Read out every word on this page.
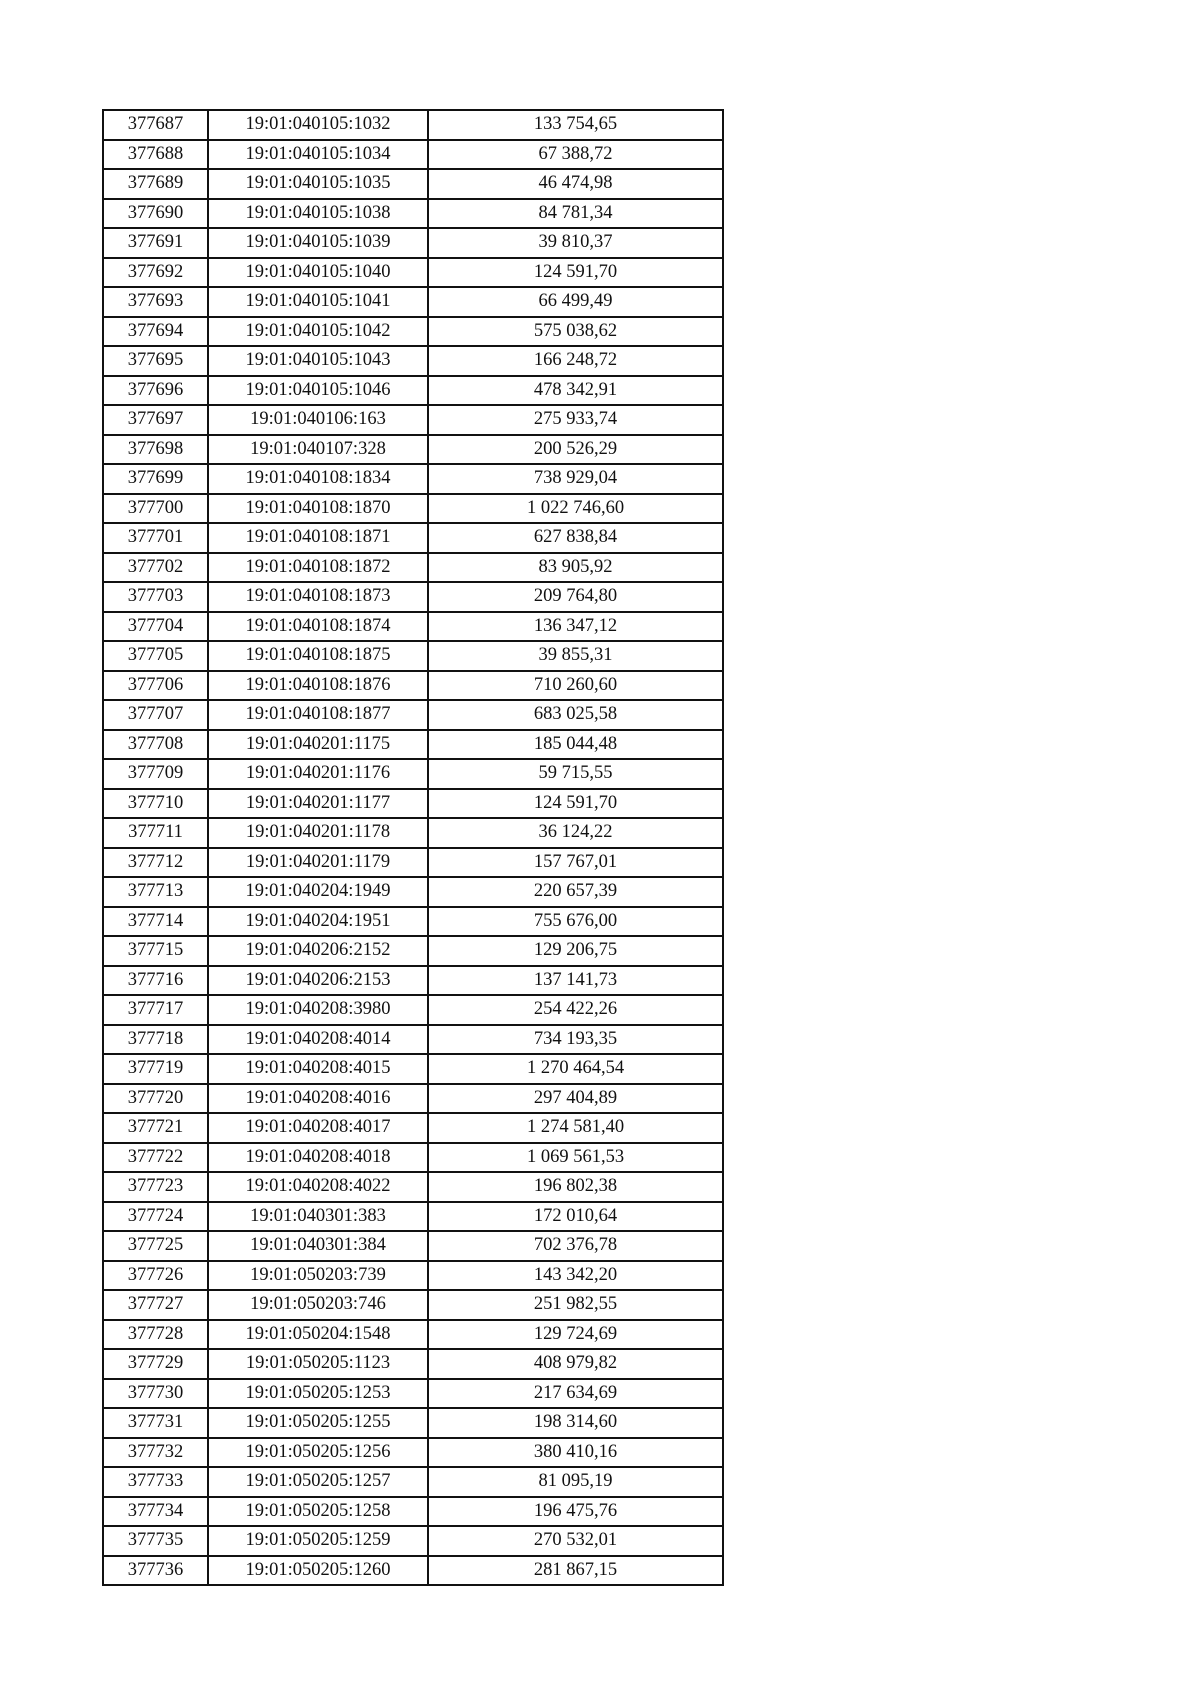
377687	19:01:040105:1032	133 754,65
377688	19:01:040105:1034	67 388,72
377689	19:01:040105:1035	46 474,98
377690	19:01:040105:1038	84 781,34
377691	19:01:040105:1039	39 810,37
377692	19:01:040105:1040	124 591,70
377693	19:01:040105:1041	66 499,49
377694	19:01:040105:1042	575 038,62
377695	19:01:040105:1043	166 248,72
377696	19:01:040105:1046	478 342,91
377697	19:01:040106:163	275 933,74
377698	19:01:040107:328	200 526,29
377699	19:01:040108:1834	738 929,04
377700	19:01:040108:1870	1 022 746,60
377701	19:01:040108:1871	627 838,84
377702	19:01:040108:1872	83 905,92
377703	19:01:040108:1873	209 764,80
377704	19:01:040108:1874	136 347,12
377705	19:01:040108:1875	39 855,31
377706	19:01:040108:1876	710 260,60
377707	19:01:040108:1877	683 025,58
377708	19:01:040201:1175	185 044,48
377709	19:01:040201:1176	59 715,55
377710	19:01:040201:1177	124 591,70
377711	19:01:040201:1178	36 124,22
377712	19:01:040201:1179	157 767,01
377713	19:01:040204:1949	220 657,39
377714	19:01:040204:1951	755 676,00
377715	19:01:040206:2152	129 206,75
377716	19:01:040206:2153	137 141,73
377717	19:01:040208:3980	254 422,26
377718	19:01:040208:4014	734 193,35
377719	19:01:040208:4015	1 270 464,54
377720	19:01:040208:4016	297 404,89
377721	19:01:040208:4017	1 274 581,40
377722	19:01:040208:4018	1 069 561,53
377723	19:01:040208:4022	196 802,38
377724	19:01:040301:383	172 010,64
377725	19:01:040301:384	702 376,78
377726	19:01:050203:739	143 342,20
377727	19:01:050203:746	251 982,55
377728	19:01:050204:1548	129 724,69
377729	19:01:050205:1123	408 979,82
377730	19:01:050205:1253	217 634,69
377731	19:01:050205:1255	198 314,60
377732	19:01:050205:1256	380 410,16
377733	19:01:050205:1257	81 095,19
377734	19:01:050205:1258	196 475,76
377735	19:01:050205:1259	270 532,01
377736	19:01:050205:1260	281 867,15
